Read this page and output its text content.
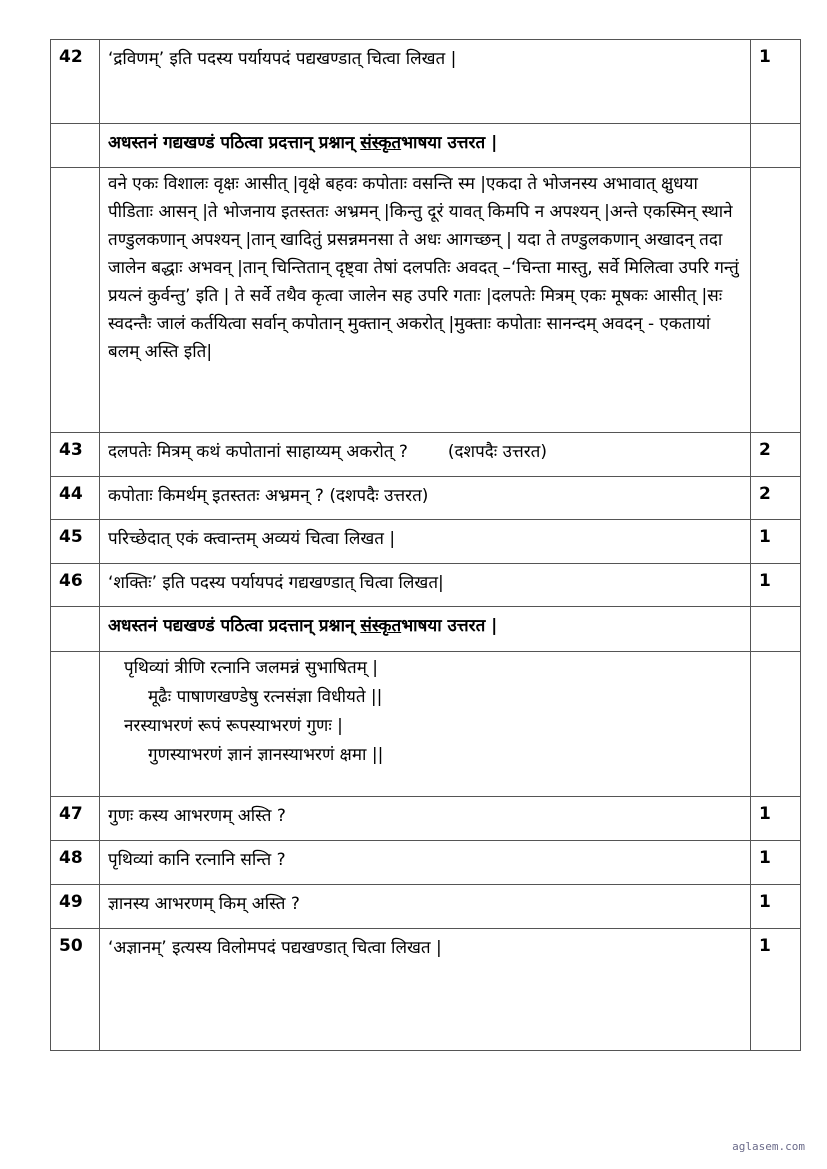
42	‘द्रविणम्’ इति पदस्य पर्यायपदं पद्यखण्डात् चित्वा लिखत |	1
	अधस्तनं गद्यखण्डं पठित्वा प्रदत्तान् प्रश्नान् संस्कृतभाषया उत्तरत |	

	वने एकः विशालः वृक्षः आसीत् |वृक्षे बहवः कपोताः वसन्ति स्म |एकदा ते भोजनस्य अभावात् क्षुधया पीडिताः आसन् |ते भोजनाय इतस्ततः अभ्रमन् |किन्तु दूरं यावत् किमपि न अपश्यन् |अन्ते एकस्मिन् स्थाने तण्डुलकणान् अपश्यन् |तान् खादितुं प्रसन्नमनसा ते अधः आगच्छन् | यदा ते तण्डुलकणान् अखादन् तदा जालेन बद्धाः अभवन् |तान् चिन्तितान् दृष्ट्वा तेषां दलपतिः अवदत् –‘चिन्ता मास्तु, सर्वे मिलित्वा उपरि गन्तुं प्रयत्नं कुर्वन्तु’ इति | ते सर्वे तथैव कृत्वा जालेन सह उपरि गताः |दलपतेः मित्रम् एकः मूषकः आसीत् |सः स्वदन्तैः जालं कर्तयित्वा सर्वान् कपोतान् मुक्तान् अकरोत् |मुक्ताः कपोताः सानन्दम् अवदन् - एकतायां बलम् अस्ति इति|	

43	दलपतेः मित्रम् कथं कपोतानां साहाय्यम् अकरोत् ? (दशपदैः उत्तरत)	2
44	कपोताः किमर्थम् इतस्ततः अभ्रमन् ? (दशपदैः उत्तरत)	2
45	परिच्छेदात् एकं क्त्वान्तम् अव्ययं चित्वा लिखत |	1
46	‘शक्तिः’ इति पदस्य पर्यायपदं गद्यखण्डात् चित्वा लिखत|	1
	अधस्तनं पद्यखण्डं पठित्वा प्रदत्तान् प्रश्नान् संस्कृतभाषया उत्तरत |	

	पृथिव्यां त्रीणि रत्नानि जलमन्नं सुभाषितम् |
मूढैः पाषाणखण्डेषु रत्नसंज्ञा विधीयते ||
नरस्याभरणं रूपं रूपस्याभरणं गुणः |
गुणस्याभरणं ज्ञानं ज्ञानस्याभरणं क्षमा ||	

47	गुणः कस्य आभरणम् अस्ति ?	1
48	पृथिव्यां कानि रत्नानि सन्ति ?	1
49	ज्ञानस्य आभरणम् किम् अस्ति ?	1
50	‘अज्ञानम्’ इत्यस्य विलोमपदं पद्यखण्डात् चित्वा लिखत |	1
aglasem.com
